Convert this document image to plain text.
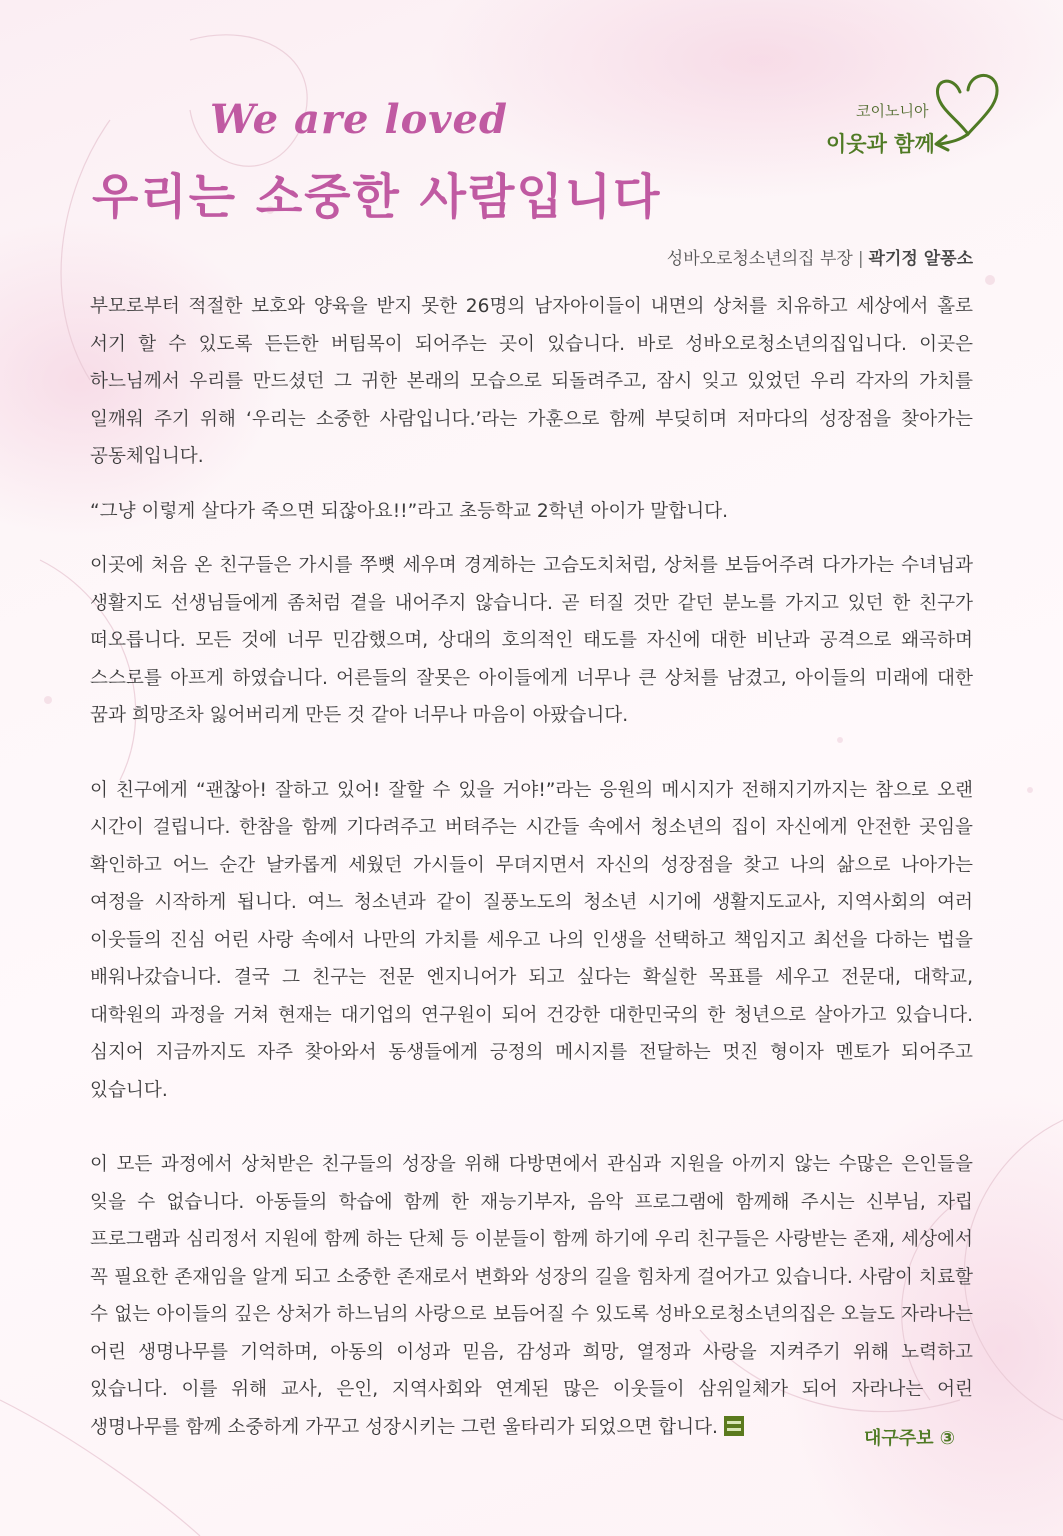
We are loved
우리는 소중한 사람입니다
코이노니아
이웃과 함께
성바오로청소년의집 부장 | 곽기정 알퐁소

부모로부터 적절한 보호와 양육을 받지 못한 26명의 남자아이들이 내면의 상처를 치유하고 세상에서 홀로 서기 할 수 있도록 든든한 버팀목이 되어주는 곳이 있습니다. 바로 성바오로청소년의집입니다. 이곳은 하느님께서 우리를 만드셨던 그 귀한 본래의 모습으로 되돌려주고, 잠시 잊고 있었던 우리 각자의 가치를 일깨워 주기 위해 ‘우리는 소중한 사람입니다.’라는 가훈으로 함께 부딪히며 저마다의 성장점을 찾아가는 공동체입니다.

“그냥 이렇게 살다가 죽으면 되잖아요!!”라고 초등학교 2학년 아이가 말합니다.

이곳에 처음 온 친구들은 가시를 쭈뼛 세우며 경계하는 고슴도치처럼, 상처를 보듬어주려 다가가는 수녀님과 생활지도 선생님들에게 좀처럼 곁을 내어주지 않습니다. 곧 터질 것만 같던 분노를 가지고 있던 한 친구가 떠오릅니다. 모든 것에 너무 민감했으며, 상대의 호의적인 태도를 자신에 대한 비난과 공격으로 왜곡하며 스스로를 아프게 하였습니다. 어른들의 잘못은 아이들에게 너무나 큰 상처를 남겼고, 아이들의 미래에 대한 꿈과 희망조차 잃어버리게 만든 것 같아 너무나 마음이 아팠습니다.

이 친구에게 “괜찮아! 잘하고 있어! 잘할 수 있을 거야!”라는 응원의 메시지가 전해지기까지는 참으로 오랜 시간이 걸립니다. 한참을 함께 기다려주고 버텨주는 시간들 속에서 청소년의 집이 자신에게 안전한 곳임을 확인하고 어느 순간 날카롭게 세웠던 가시들이 무뎌지면서 자신의 성장점을 찾고 나의 삶으로 나아가는 여정을 시작하게 됩니다. 여느 청소년과 같이 질풍노도의 청소년 시기에 생활지도교사, 지역사회의 여러 이웃들의 진심 어린 사랑 속에서 나만의 가치를 세우고 나의 인생을 선택하고 책임지고 최선을 다하는 법을 배워나갔습니다. 결국 그 친구는 전문 엔지니어가 되고 싶다는 확실한 목표를 세우고 전문대, 대학교, 대학원의 과정을 거쳐 현재는 대기업의 연구원이 되어 건강한 대한민국의 한 청년으로 살아가고 있습니다. 심지어 지금까지도 자주 찾아와서 동생들에게 긍정의 메시지를 전달하는 멋진 형이자 멘토가 되어주고 있습니다.

이 모든 과정에서 상처받은 친구들의 성장을 위해 다방면에서 관심과 지원을 아끼지 않는 수많은 은인들을 잊을 수 없습니다. 아동들의 학습에 함께 한 재능기부자, 음악 프로그램에 함께해 주시는 신부님, 자립 프로그램과 심리정서 지원에 함께 하는 단체 등 이분들이 함께 하기에 우리 친구들은 사랑받는 존재, 세상에서 꼭 필요한 존재임을 알게 되고 소중한 존재로서 변화와 성장의 길을 힘차게 걸어가고 있습니다. 사람이 치료할 수 없는 아이들의 깊은 상처가 하느님의 사랑으로 보듬어질 수 있도록 성바오로청소년의집은 오늘도 자라나는 어린 생명나무를 기억하며, 아동의 이성과 믿음, 감성과 희망, 열정과 사랑을 지켜주기 위해 노력하고 있습니다. 이를 위해 교사, 은인, 지역사회와 연계된 많은 이웃들이 삼위일체가 되어 자라나는 어린 생명나무를 함께 소중하게 가꾸고 성장시키는 그런 울타리가 되었으면 합니다.

대구주보 ③
